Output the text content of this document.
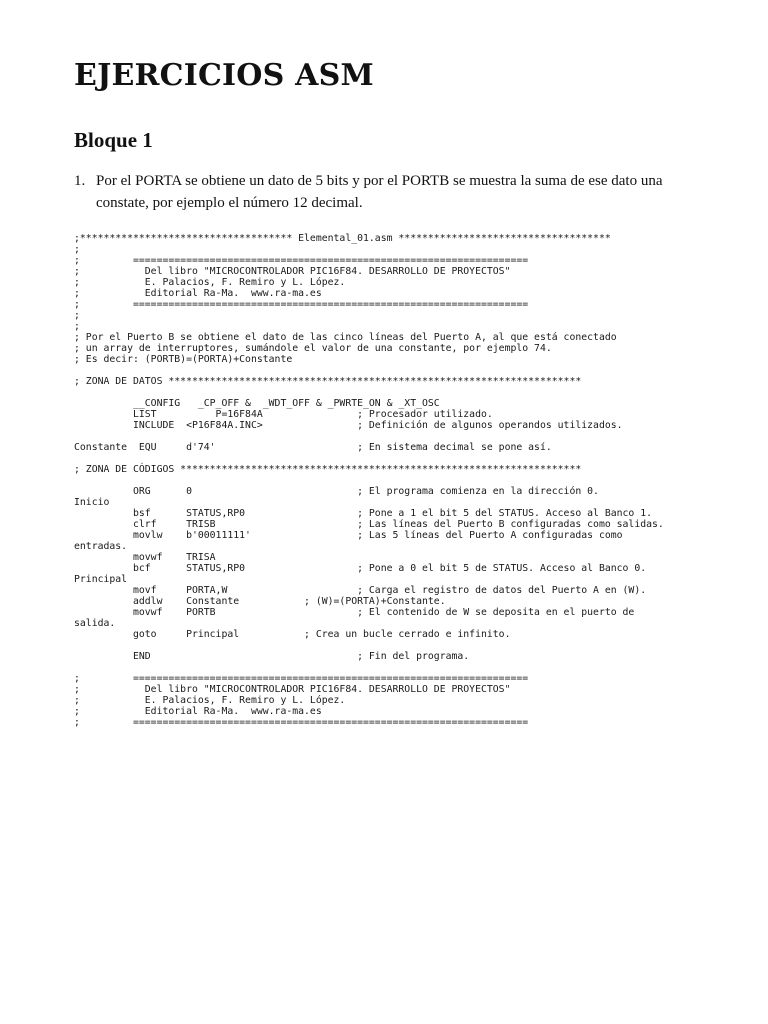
EJERCICIOS ASM
Bloque 1
1. Por el PORTA se obtiene un dato de 5 bits y por el PORTB se muestra la suma de ese dato una
constate, por ejemplo el número 12 decimal.
;************************************ Elemental_01.asm ************************************
;
;         ===================================================================
;           Del libro "MICROCONTROLADOR PIC16F84. DESARROLLO DE PROYECTOS"
;           E. Palacios, F. Remiro y L. López.
;           Editorial Ra-Ma.  www.ra-ma.es
;         ===================================================================
;
;
; Por el Puerto B se obtiene el dato de las cinco líneas del Puerto A, al que está conectado
; un array de interruptores, sumándole el valor de una constante, por ejemplo 74.
; Es decir: (PORTB)=(PORTA)+Constante
; ZONA DE DATOS **********************************************************************
__CONFIG   _CP_OFF &  _WDT_OFF & _PWRTE_ON & _XT_OSC
LIST          P=16F84A                ; Procesador utilizado.
INCLUDE  <P16F84A.INC>                ; Definición de algunos operandos utilizados.
Constante  EQU     d'74'                        ; En sistema decimal se pone así.
; ZONA DE CÓDIGOS ********************************************************************
ORG      0                            ; El programa comienza en la dirección 0.
Inicio
bsf      STATUS,RP0                   ; Pone a 1 el bit 5 del STATUS. Acceso al Banco 1.
clrf     TRISB                        ; Las líneas del Puerto B configuradas como salidas.
movlw    b'00011111'                  ; Las 5 líneas del Puerto A configuradas como
entradas.
movwf    TRISA
bcf      STATUS,RP0                   ; Pone a 0 el bit 5 de STATUS. Acceso al Banco 0.
Principal
movf     PORTA,W                      ; Carga el registro de datos del Puerto A en (W).
addlw    Constante           ; (W)=(PORTA)+Constante.
movwf    PORTB                        ; El contenido de W se deposita en el puerto de
salida.
goto     Principal           ; Crea un bucle cerrado e infinito.
END                                   ; Fin del programa.
;         ===================================================================
;           Del libro "MICROCONTROLADOR PIC16F84. DESARROLLO DE PROYECTOS"
;           E. Palacios, F. Remiro y L. López.
;           Editorial Ra-Ma.  www.ra-ma.es
;         ===================================================================
